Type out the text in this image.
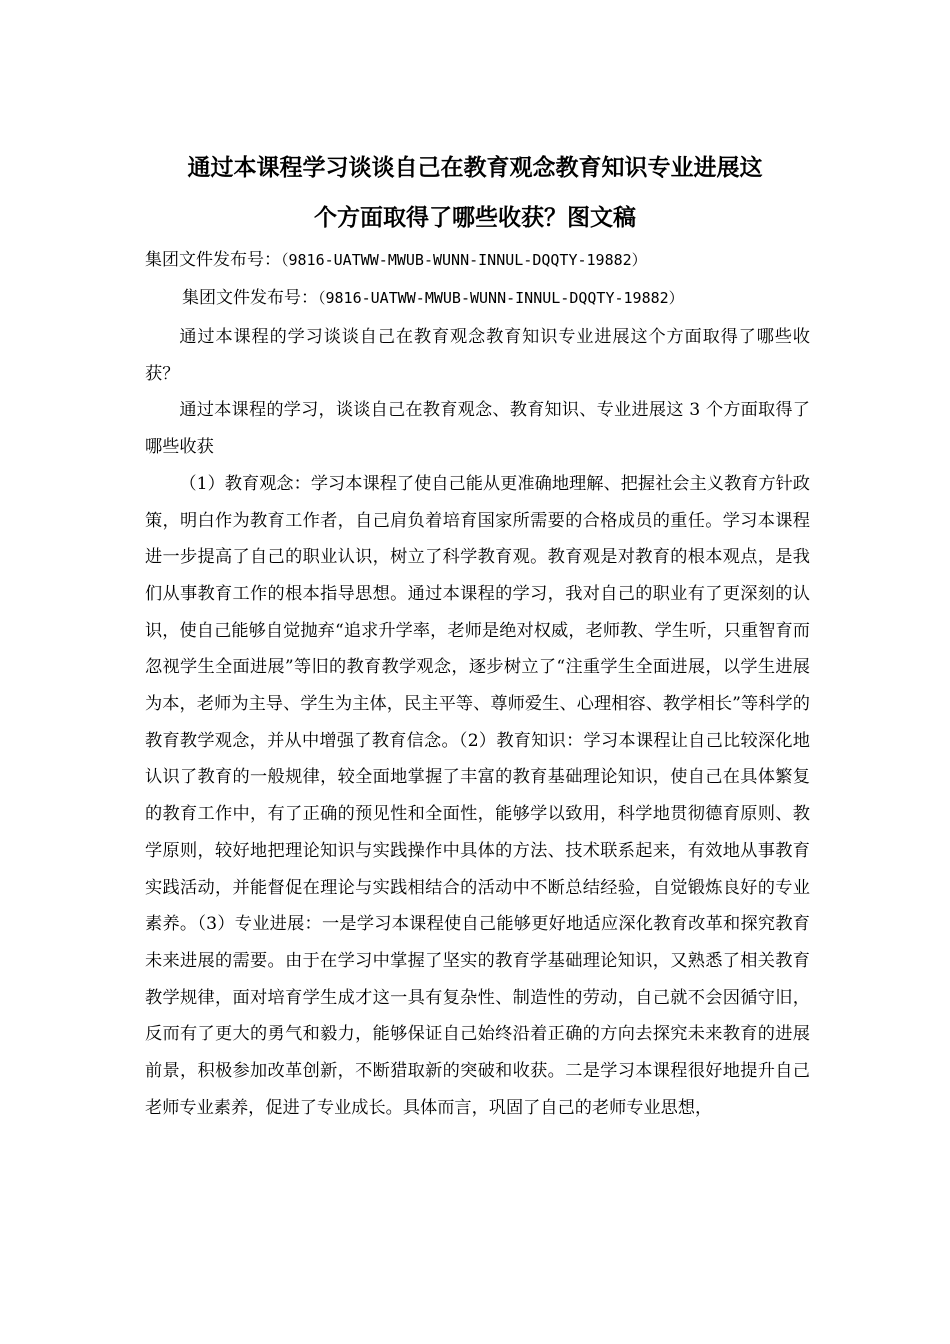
通过本课程学习谈谈自己在教育观念教育知识专业进展这
个方面取得了哪些收获？图文稿
集团文件发布号：（9816-UATWW-MWUB-WUNN-INNUL-DQQTY-19882）
集团文件发布号：（9816-UATWW-MWUB-WUNN-INNUL-DQQTY-19882）

通过本课程的学习谈谈自己在教育观念教育知识专业进展这个方面取得了哪些收获？

通过本课程的学习，谈谈自己在教育观念、教育知识、专业进展这 3 个方面取得了哪些收获

（1）教育观念：学习本课程了使自己能从更准确地理解、把握社会主义教育方针政策，明白作为教育工作者，自己肩负着培育国家所需要的合格成员的重任。学习本课程进一步提高了自己的职业认识，树立了科学教育观。教育观是对教育的根本观点，是我们从事教育工作的根本指导思想。通过本课程的学习，我对自己的职业有了更深刻的认识，使自己能够自觉抛弃“追求升学率，老师是绝对权威，老师教、学生听，只重智育而忽视学生全面进展”等旧的教育教学观念，逐步树立了“注重学生全面进展，以学生进展为本，老师为主导、学生为主体，民主平等、尊师爱生、心理相容、教学相长”等科学的教育教学观念，并从中增强了教育信念。（2）教育知识：学习本课程让自己比较深化地认识了教育的一般规律，较全面地掌握了丰富的教育基础理论知识，使自己在具体繁复的教育工作中，有了正确的预见性和全面性，能够学以致用，科学地贯彻德育原则、教学原则，较好地把理论知识与实践操作中具体的方法、技术联系起来，有效地从事教育实践活动，并能督促在理论与实践相结合的活动中不断总结经验，自觉锻炼良好的专业素养。（3）专业进展：一是学习本课程使自己能够更好地适应深化教育改革和探究教育未来进展的需要。由于在学习中掌握了坚实的教育学基础理论知识，又熟悉了相关教育教学规律，面对培育学生成才这一具有复杂性、制造性的劳动，自己就不会因循守旧，反而有了更大的勇气和毅力，能够保证自己始终沿着正确的方向去探究未来教育的进展前景，积极参加改革创新，不断猎取新的突破和收获。二是学习本课程很好地提升自己老师专业素养，促进了专业成长。具体而言，巩固了自己的老师专业思想，
